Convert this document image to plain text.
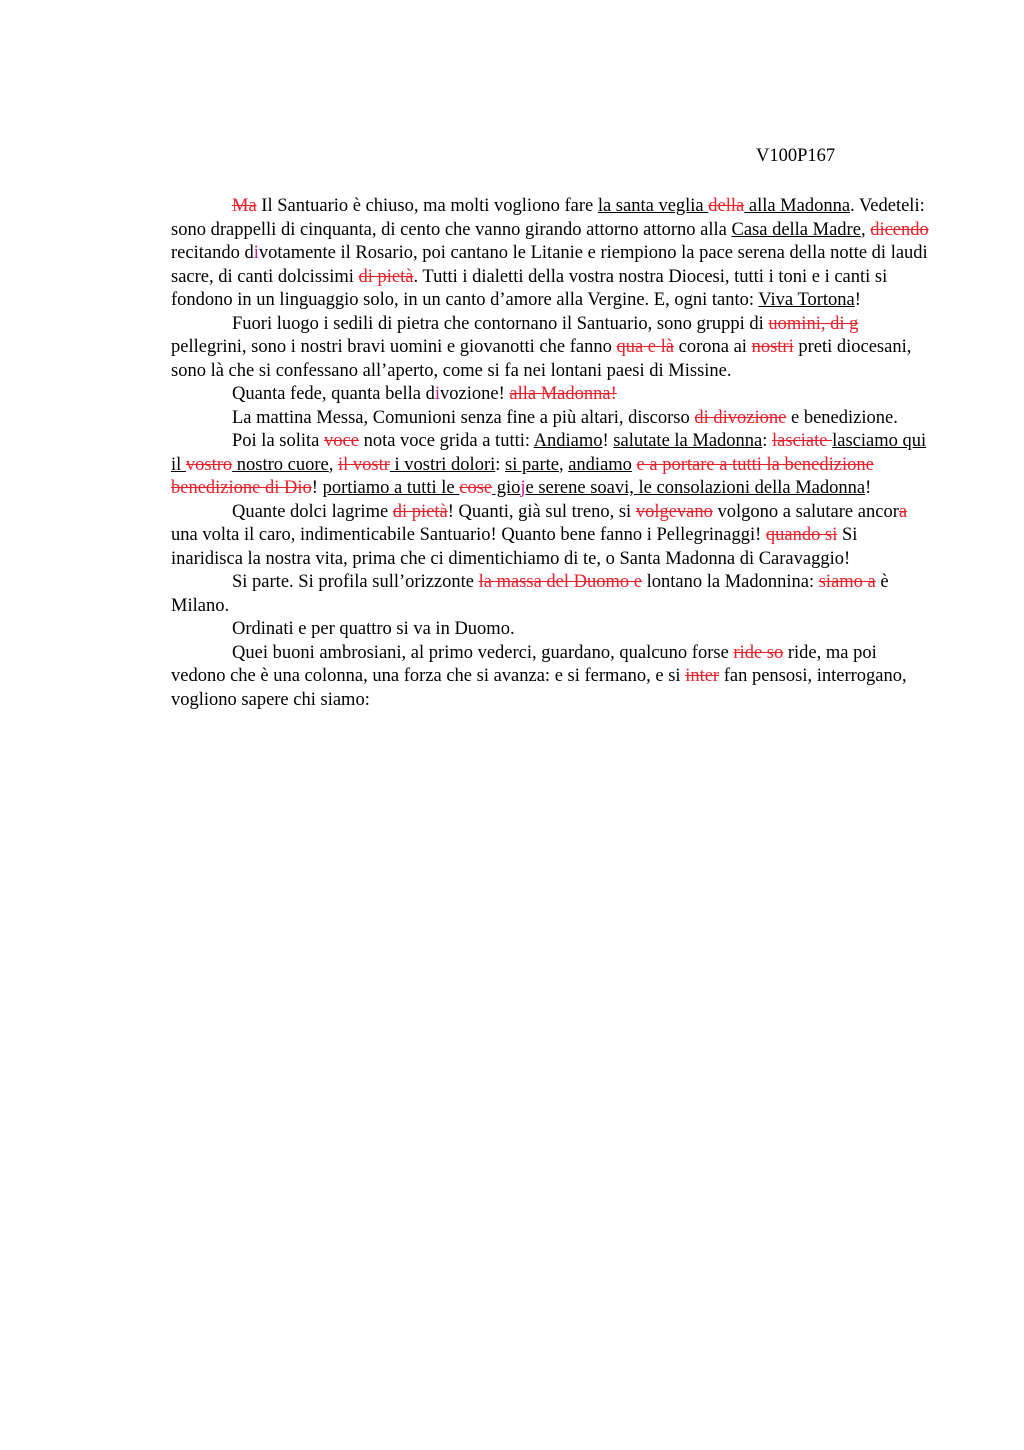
V100P167

Ma Il Santuario è chiuso, ma molti vogliono fare la santa veglia della alla Madonna. Vedeteli: sono drappelli di cinquanta, di cento che vanno girando attorno attorno alla Casa della Madre, dicendo recitando divotamente il Rosario, poi cantano le Litanie e riempiono la pace serena della notte di laudi sacre, di canti dolcissimi di pietà. Tutti i dialetti della vostra nostra Diocesi, tutti i toni e i canti si fondono in un linguaggio solo, in un canto d’amore alla Vergine. E, ogni tanto: Viva Tortona!

Fuori luogo i sedili di pietra che contornano il Santuario, sono gruppi di uomini, di g pellegrini, sono i nostri bravi uomini e giovanotti che fanno qua e là corona ai nostri preti diocesani, sono là che si confessano all’aperto, come si fa nei lontani paesi di Missine.

Quanta fede, quanta bella divozione! alla Madonna!

La mattina Messa, Comunioni senza fine a più altari, discorso di divozione e benedizione.

Poi la solita voce nota voce grida a tutti: Andiamo! salutate la Madonna: lasciate lasciamo qui il vostro nostro cuore, il vostr i vostri dolori: si parte, andiamo e a portare a tutti la benedizione benedizione di Dio! portiamo a tutti le cose gioje serene soavi, le consolazioni della Madonna!

Quante dolci lagrime di pietà! Quanti, già sul treno, si volgevano volgono a salutare ancora una volta il caro, indimenticabile Santuario! Quanto bene fanno i Pellegrinaggi! quando si Si inaridisca la nostra vita, prima che ci dimentichiamo di te, o Santa Madonna di Caravaggio!

Si parte. Si profila sull’orizzonte la massa del Duomo e lontano la Madonnina: siamo a è Milano.

Ordinati e per quattro si va in Duomo.

Quei buoni ambrosiani, al primo vederci, guardano, qualcuno forse ride so ride, ma poi vedono che è una colonna, una forza che si avanza: e si fermano, e si inter fan pensosi, interrogano, vogliono sapere chi siamo:
